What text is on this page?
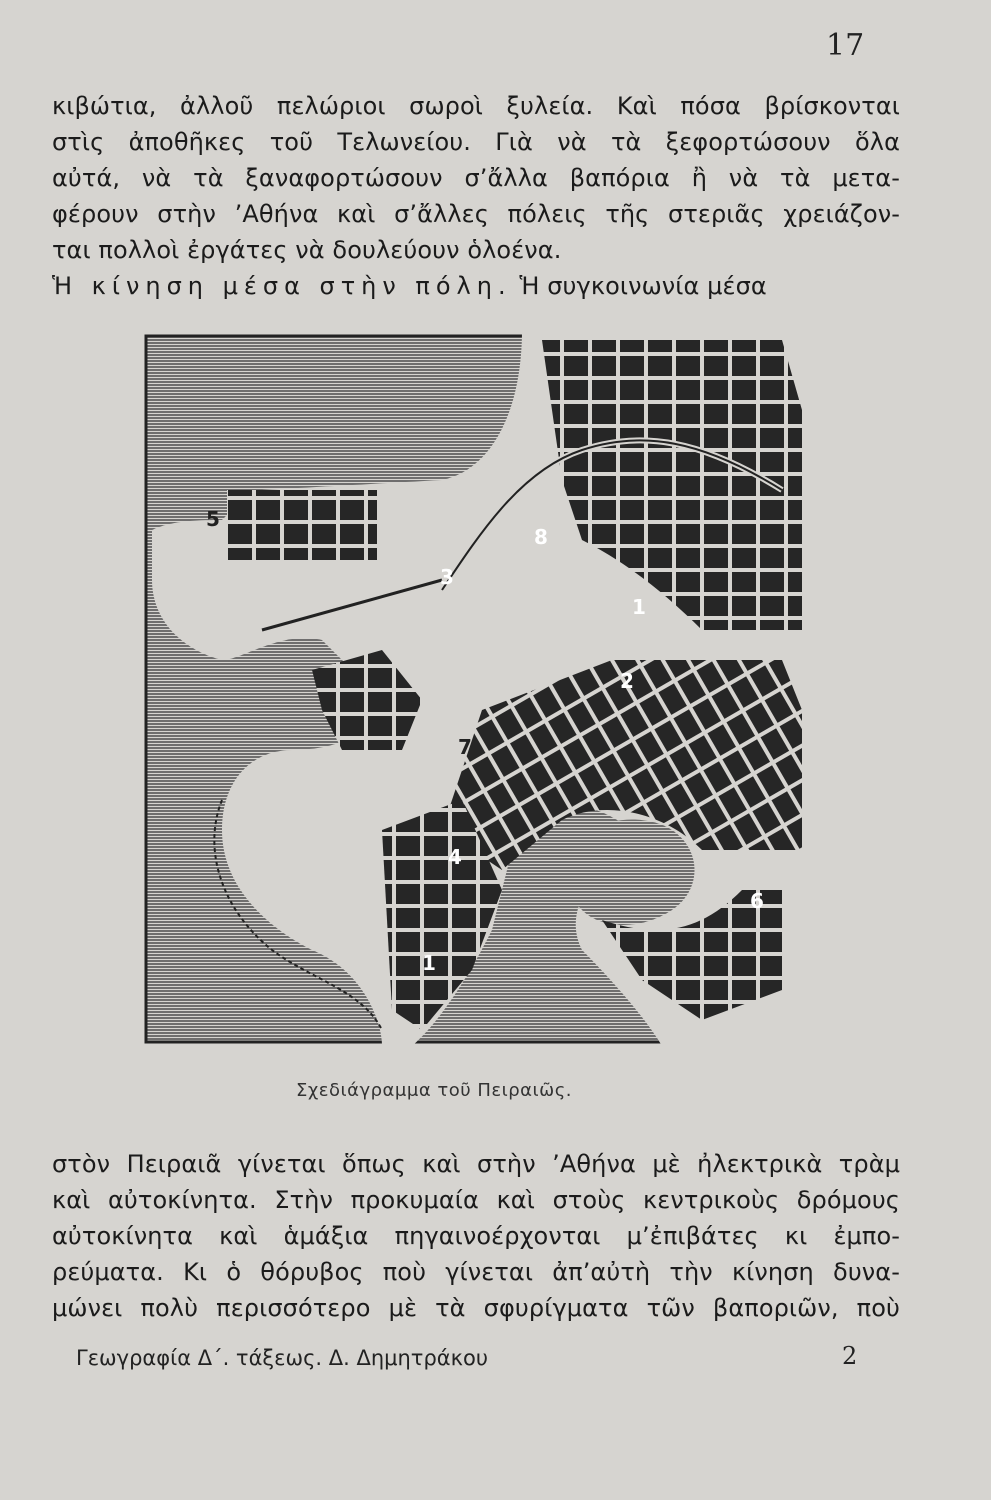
17

κιβώτια, ἀλλοῦ πελώριοι σωροὶ ξυλεία. Καὶ πόσα βρίσκονται
στὶς ἀποθῆκες τοῦ Τελωνείου. Γιὰ νὰ τὰ ξεφορτώσουν ὅλα
αὐτά, νὰ τὰ ξαναφορτώσουν σ’ἄλλα βαπόρια ἢ νὰ τὰ μετα-
φέρουν στὴν ’Αθήνα καὶ σ’ἄλλες πόλεις τῆς στεριᾶς χρειάζον-
ται πολλοὶ ἐργάτες νὰ δουλεύουν ὁλοένα.
Ἡ κίνηση μέσα στὴν πόλη. Ἡ συγκοινωνία μέσα

5
3
8
1
2
6
4
7
1
Σχεδιάγραμμα τοῦ Πειραιῶς.

στὸν Πειραιᾶ γίνεται ὅπως καὶ στὴν ’Αθήνα μὲ ἠλεκτρικὰ τρὰμ
καὶ αὐτοκίνητα. Στὴν προκυμαία καὶ στοὺς κεντρικοὺς δρόμους
αὐτοκίνητα καὶ ἁμάξια πηγαινοέρχονται μ’ἐπιβάτες κι ἐμπο-
ρεύματα. Κι ὁ θόρυβος ποὺ γίνεται ἀπ’αὐτὴ τὴν κίνηση δυνα-
μώνει πολὺ περισσότερο μὲ τὰ σφυρίγματα τῶν βαποριῶν, ποὺ

Γεωγραφία Δ΄. τάξεως. Δ. Δημητράκου	2
